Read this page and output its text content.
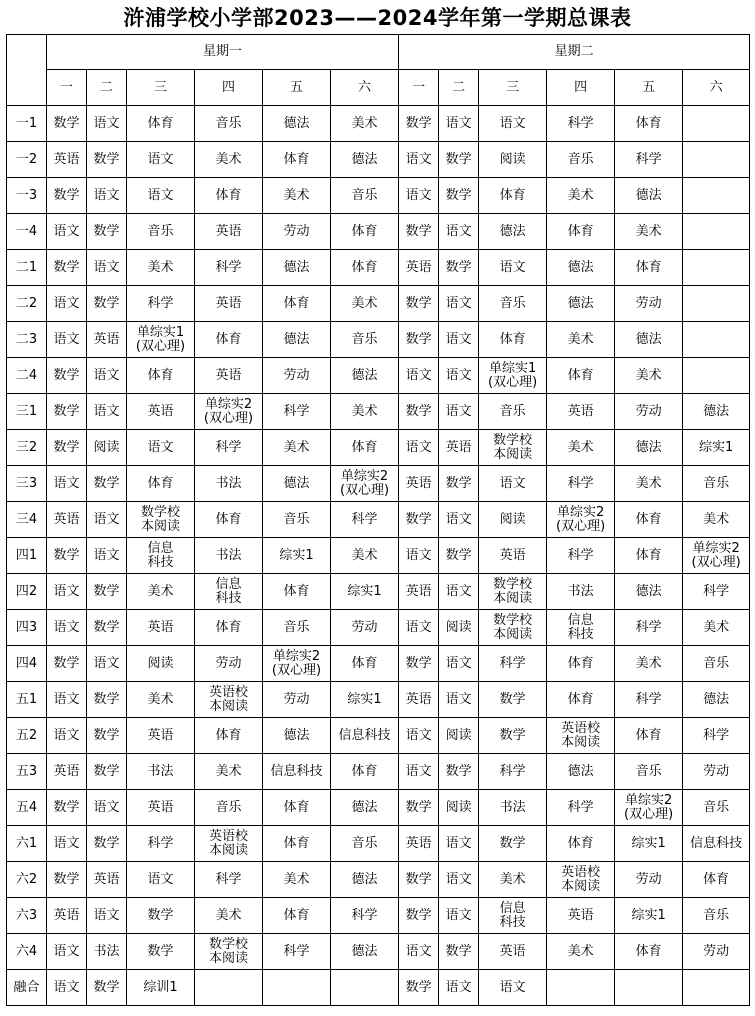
浒浦学校小学部2023——2024学年第一学期总课表
	星期一						星期二					
	一	二	三	四	五	六	一	二	三	四	五	六
一1	数学	语文	体育	音乐	德法	美术	数学	语文	语文	科学	体育	
一2	英语	数学	语文	美术	体育	德法	语文	数学	阅读	音乐	科学	
一3	数学	语文	语文	体育	美术	音乐	语文	数学	体育	美术	德法	
一4	语文	数学	音乐	英语	劳动	体育	数学	语文	德法	体育	美术	
二1	数学	语文	美术	科学	德法	体育	英语	数学	语文	德法	体育	
二2	语文	数学	科学	英语	体育	美术	数学	语文	音乐	德法	劳动	
二3	语文	英语	单综实1
(双心理)	体育	德法	音乐	数学	语文	体育	美术	德法	
二4	数学	语文	体育	英语	劳动	德法	语文	语文	单综实1
(双心理)	体育	美术	
三1	数学	语文	英语	单综实2
(双心理)	科学	美术	数学	语文	音乐	英语	劳动	德法
三2	数学	阅读	语文	科学	美术	体育	语文	英语	数学校
本阅读	美术	德法	综实1
三3	语文	数学	体育	书法	德法	单综实2
(双心理)	英语	数学	语文	科学	美术	音乐
三4	英语	语文	数学校
本阅读	体育	音乐	科学	数学	语文	阅读	单综实2
(双心理)	体育	美术
四1	数学	语文	信息
科技	书法	综实1	美术	语文	数学	英语	科学	体育	单综实2
(双心理)
四2	语文	数学	美术	信息
科技	体育	综实1	英语	语文	数学校
本阅读	书法	德法	科学
四3	语文	数学	英语	体育	音乐	劳动	语文	阅读	数学校
本阅读	信息
科技	科学	美术
四4	数学	语文	阅读	劳动	单综实2
(双心理)	体育	数学	语文	科学	体育	美术	音乐
五1	语文	数学	美术	英语校
本阅读	劳动	综实1	英语	语文	数学	体育	科学	德法
五2	语文	数学	英语	体育	德法	信息科技	语文	阅读	数学	英语校
本阅读	体育	科学
五3	英语	数学	书法	美术	信息科技	体育	语文	数学	科学	德法	音乐	劳动
五4	数学	语文	英语	音乐	体育	德法	数学	阅读	书法	科学	单综实2
(双心理)	音乐
六1	语文	数学	科学	英语校
本阅读	体育	音乐	英语	语文	数学	体育	综实1	信息科技
六2	数学	英语	语文	科学	美术	德法	数学	语文	美术	英语校
本阅读	劳动	体育
六3	英语	语文	数学	美术	体育	科学	数学	语文	信息
科技	英语	综实1	音乐
六4	语文	书法	数学	数学校
本阅读	科学	德法	语文	数学	英语	美术	体育	劳动
融合	语文	数学	综训1				数学	语文	语文			
